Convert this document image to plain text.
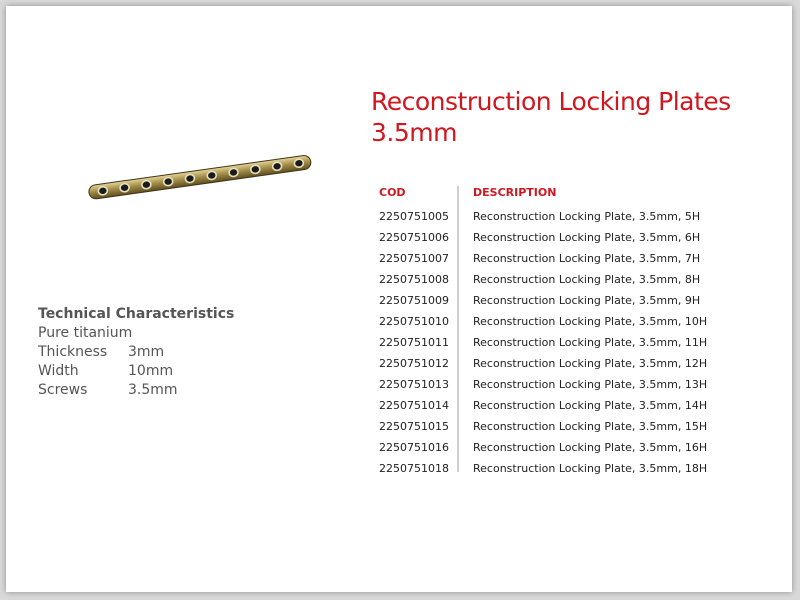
Reconstruction Locking Plates
3.5mm
Technical Characteristics
Pure titanium
Thickness 3mm
Width	10mm
Screws	3.5mm
COD	DESCRIPTION
2250751005 Reconstruction Locking Plate, 3.5mm, 5H
2250751006 Reconstruction Locking Plate, 3.5mm, 6H
2250751007 Reconstruction Locking Plate, 3.5mm, 7H
2250751008 Reconstruction Locking Plate, 3.5mm, 8H
2250751009 Reconstruction Locking Plate, 3.5mm, 9H
2250751010 Reconstruction Locking Plate, 3.5mm, 10H
2250751011 Reconstruction Locking Plate, 3.5mm, 11H
2250751012 Reconstruction Locking Plate, 3.5mm, 12H
2250751013 Reconstruction Locking Plate, 3.5mm, 13H
2250751014 Reconstruction Locking Plate, 3.5mm, 14H
2250751015 Reconstruction Locking Plate, 3.5mm, 15H
2250751016 Reconstruction Locking Plate, 3.5mm, 16H
2250751018 Reconstruction Locking Plate, 3.5mm, 18H
